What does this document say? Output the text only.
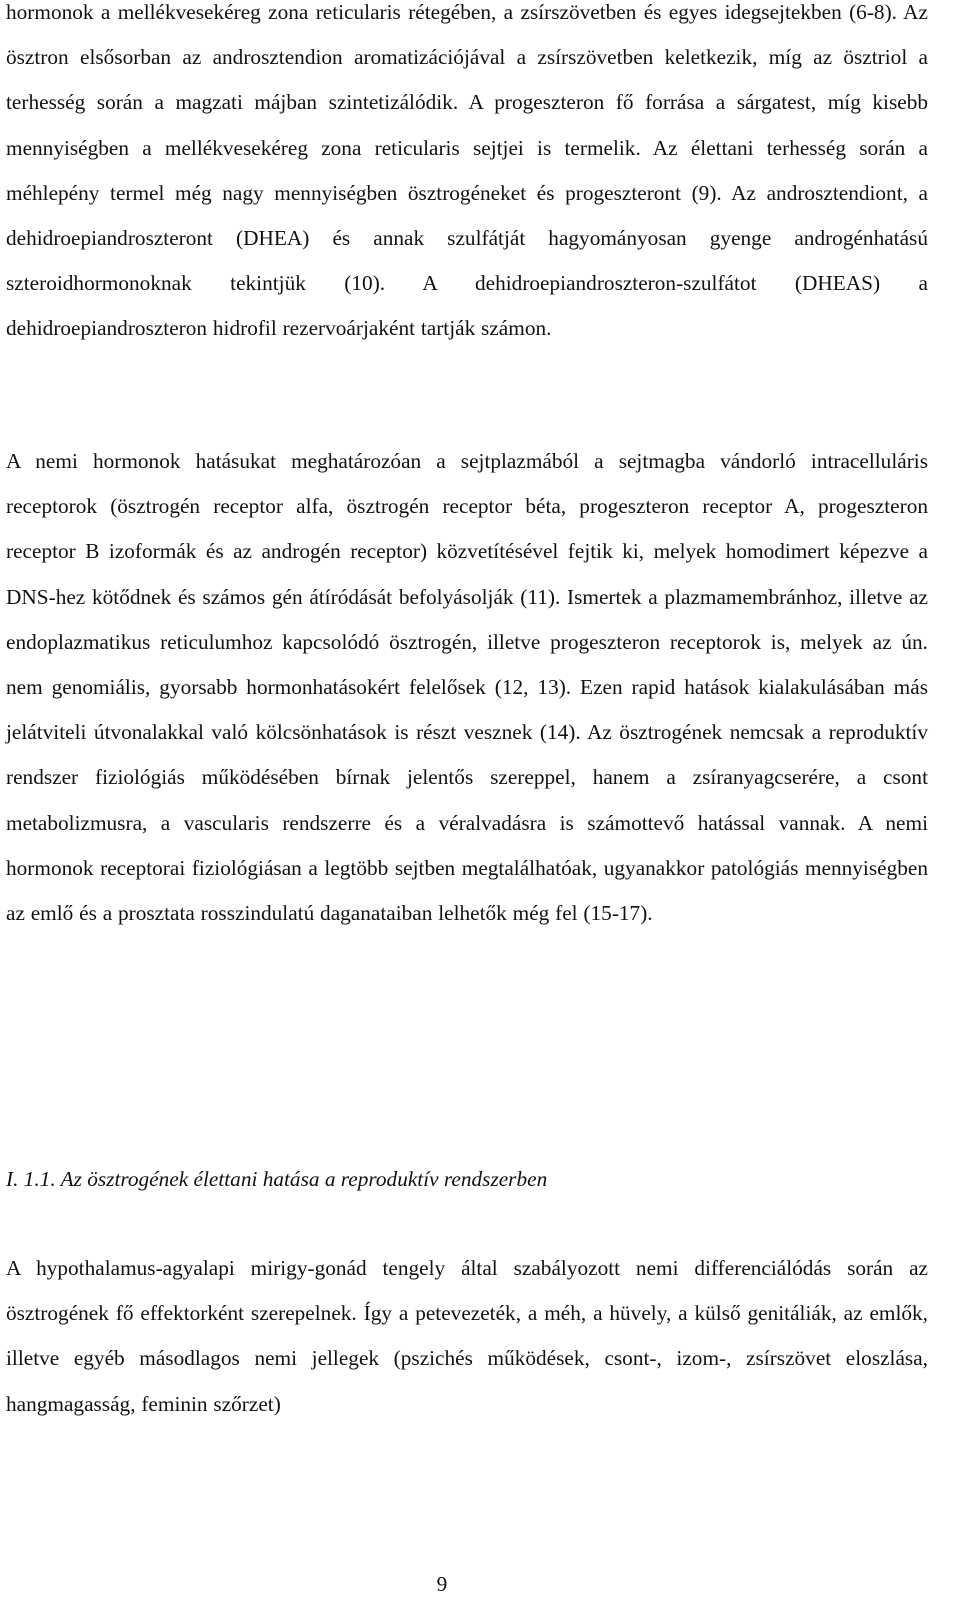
hormonok a mellékvesekéreg zona reticularis rétegében, a zsírszövetben és egyes idegsejtekben (6-8). Az ösztron elsősorban az androsztendion aromatizációjával a zsírszövetben keletkezik, míg az ösztriol a terhesség során a magzati májban szintetizálódik. A progeszteron fő forrása a sárgatest, míg kisebb mennyiségben a mellékvesekéreg zona reticularis sejtjei is termelik. Az élettani terhesség során a méhlepény termel még nagy mennyiségben ösztrogéneket és progeszteront (9). Az androsztendiont, a dehidroepiandroszteront (DHEA) és annak szulfátját hagyományosan gyenge androgénhatású szteroidhormonoknak tekintjük (10). A dehidroepiandroszteron-szulfátot (DHEAS) a dehidroepiandroszteron hidrofil rezervoárjaként tartják számon.

A nemi hormonok hatásukat meghatározóan a sejtplazmából a sejtmagba vándorló intracelluláris receptorok (ösztrogén receptor alfa, ösztrogén receptor béta, progeszteron receptor A, progeszteron receptor B izoformák és az androgén receptor) közvetítésével fejtik ki, melyek homodimert képezve a DNS-hez kötődnek és számos gén átíródását befolyásolják (11). Ismertek a plazmamembránhoz, illetve az endoplazmatikus reticulumhoz kapcsolódó ösztrogén, illetve progeszteron receptorok is, melyek az ún. nem genomiális, gyorsabb hormonhatásokért felelősek (12, 13). Ezen rapid hatások kialakulásában más jelátviteli útvonalakkal való kölcsönhatások is részt vesznek (14). Az ösztrogének nemcsak a reproduktív rendszer fiziológiás működésében bírnak jelentős szereppel, hanem a zsíranyagcserére, a csont metabolizmusra, a vascularis rendszerre és a véralvadásra is számottevő hatással vannak. A nemi hormonok receptorai fiziológiásan a legtöbb sejtben megtalálhatóak, ugyanakkor patológiás mennyiségben az emlő és a prosztata rosszindulatú daganataiban lelhetők még fel (15-17).

I. 1.1. Az ösztrogének élettani hatása a reproduktív rendszerben

A hypothalamus-agyalapi mirigy-gonád tengely által szabályozott nemi differenciálódás során az ösztrogének fő effektorként szerepelnek. Így a petevezeték, a méh, a hüvely, a külső genitáliák, az emlők, illetve egyéb másodlagos nemi jellegek (pszichés működések, csont-, izom-, zsírszövet eloszlása, hangmagasság, feminin szőrzet)

9
